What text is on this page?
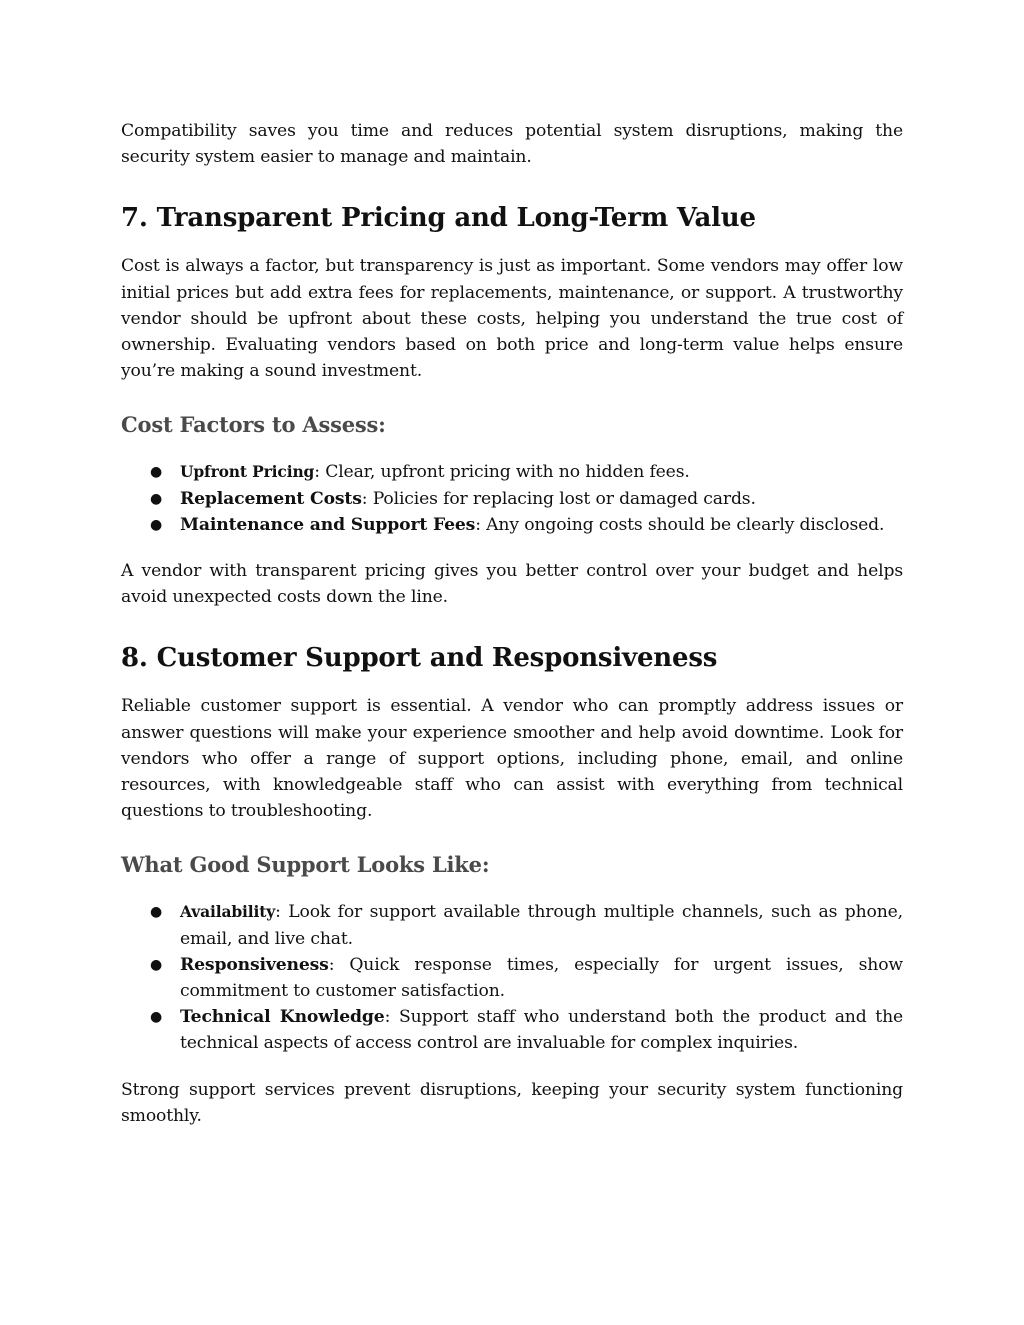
Compatibility saves you time and reduces potential system disruptions, making the security system easier to manage and maintain.

7. Transparent Pricing and Long-Term Value

Cost is always a factor, but transparency is just as important. Some vendors may offer low initial prices but add extra fees for replacements, maintenance, or support. A trustworthy vendor should be upfront about these costs, helping you understand the true cost of ownership. Evaluating vendors based on both price and long-term value helps ensure you’re making a sound investment.

Cost Factors to Assess:
● Upfront Pricing: Clear, upfront pricing with no hidden fees.
● Replacement Costs: Policies for replacing lost or damaged cards.
● Maintenance and Support Fees: Any ongoing costs should be clearly disclosed.

A vendor with transparent pricing gives you better control over your budget and helps avoid unexpected costs down the line.

8. Customer Support and Responsiveness

Reliable customer support is essential. A vendor who can promptly address issues or answer questions will make your experience smoother and help avoid downtime. Look for vendors who offer a range of support options, including phone, email, and online resources, with knowledgeable staff who can assist with everything from technical questions to troubleshooting.

What Good Support Looks Like:
● Availability: Look for support available through multiple channels, such as phone, email, and live chat.
● Responsiveness: Quick response times, especially for urgent issues, show commitment to customer satisfaction.
● Technical Knowledge: Support staff who understand both the product and the technical aspects of access control are invaluable for complex inquiries.

Strong support services prevent disruptions, keeping your security system functioning smoothly.
